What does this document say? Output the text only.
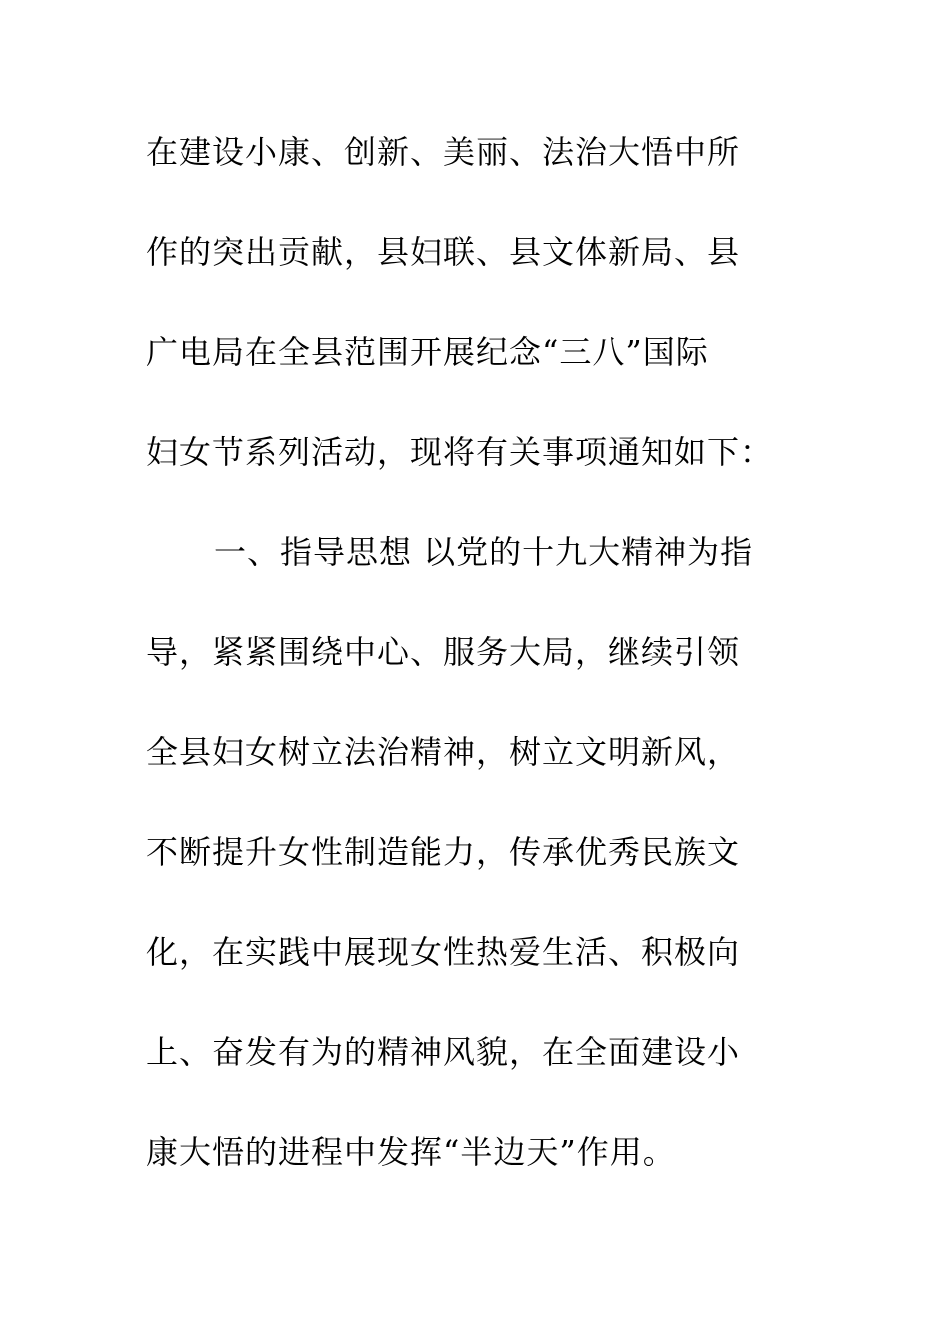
在建设小康、创新、美丽、法治大悟中所
作的突出贡献，县妇联、县文体新局、县
广电局在全县范围开展纪念“三八”国际
妇女节系列活动，现将有关事项通知如下：
一、指导思想 以党的十九大精神为指
导，紧紧围绕中心、服务大局，继续引领
全县妇女树立法治精神，树立文明新风，
不断提升女性制造能力，传承优秀民族文
化，在实践中展现女性热爱生活、积极向
上、奋发有为的精神风貌，在全面建设小
康大悟的进程中发挥“半边天”作用。
